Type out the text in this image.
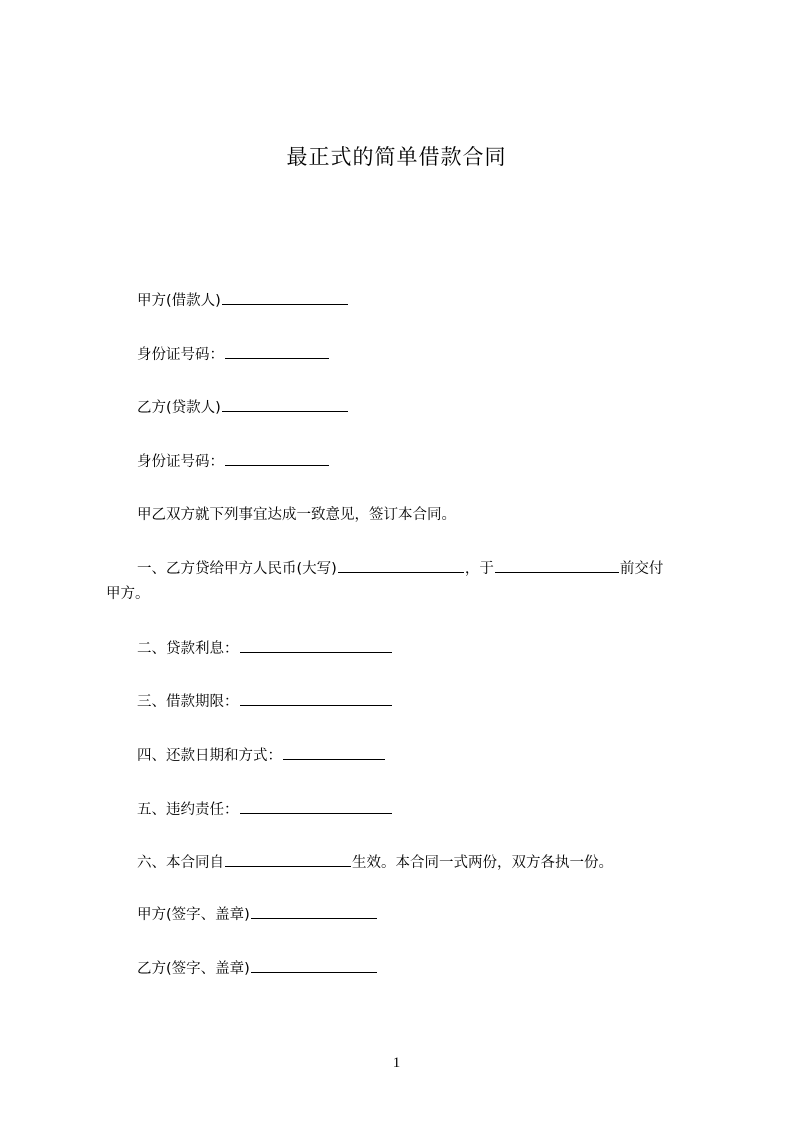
最正式的简单借款合同
甲方(借款人)
身份证号码：
乙方(贷款人)
身份证号码：
甲乙双方就下列事宜达成一致意见，签订本合同。
一、乙方贷给甲方人民币(大写)	，于	前交付
甲方。
二、贷款利息：
三、借款期限：
四、还款日期和方式：
五、违约责任：
六、本合同自	生效。本合同一式两份，双方各执一份。
甲方(签字、盖章)
乙方(签字、盖章)
1
